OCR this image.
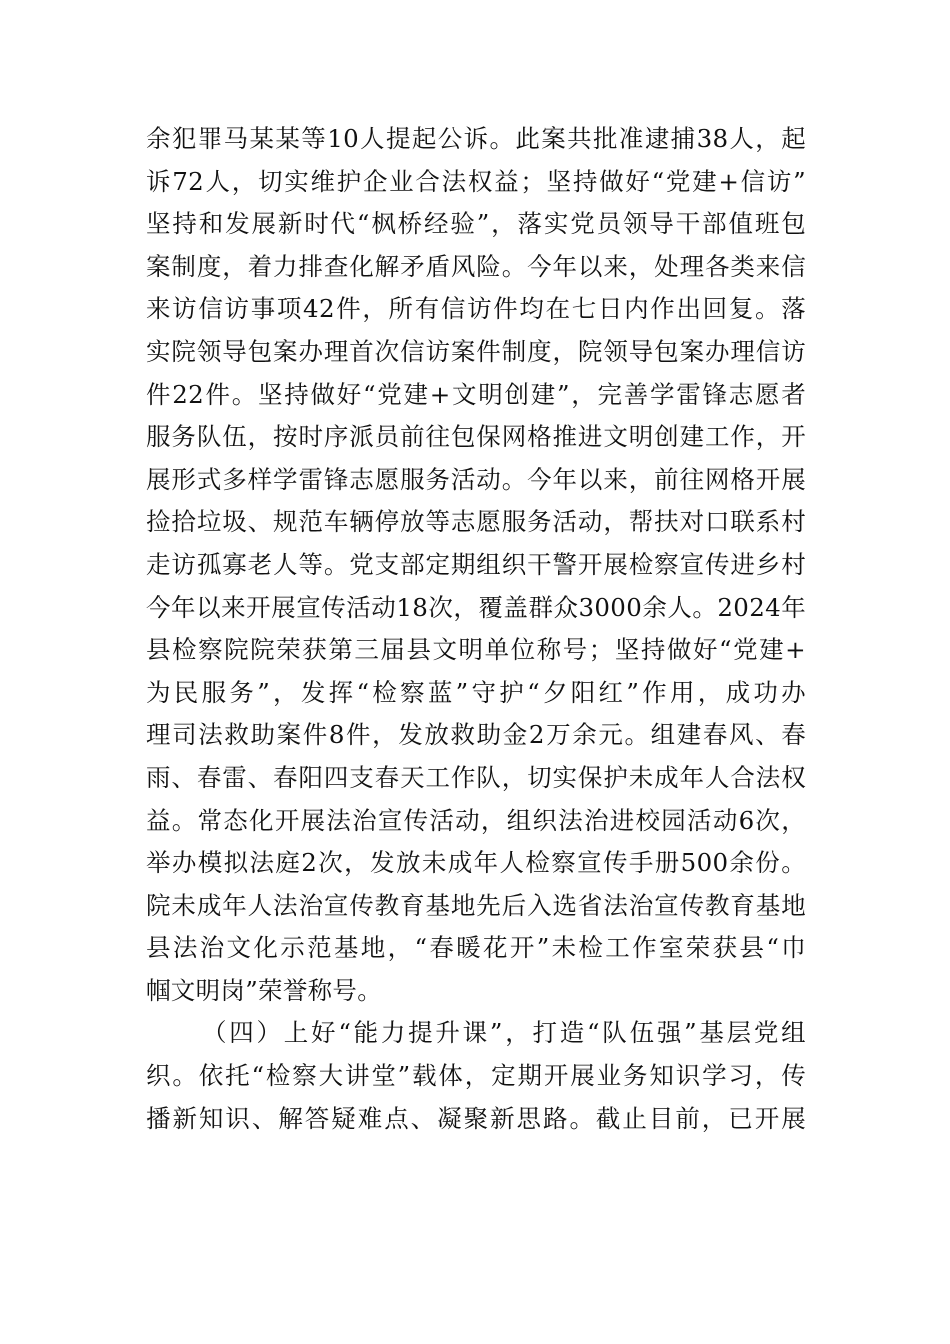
余犯罪马某某等10人提起公诉。此案共批准逮捕38人，起
诉72人，切实维护企业合法权益；坚持做好“党建+信访”
坚持和发展新时代“枫桥经验”，落实党员领导干部值班包
案制度，着力排查化解矛盾风险。今年以来，处理各类来信
来访信访事项42件，所有信访件均在七日内作出回复。落
实院领导包案办理首次信访案件制度，院领导包案办理信访
件22件。坚持做好“党建+文明创建”，完善学雷锋志愿者
服务队伍，按时序派员前往包保网格推进文明创建工作，开
展形式多样学雷锋志愿服务活动。今年以来，前往网格开展
捡拾垃圾、规范车辆停放等志愿服务活动，帮扶对口联系村
走访孤寡老人等。党支部定期组织干警开展检察宣传进乡村
今年以来开展宣传活动18次，覆盖群众3000余人。2024年
县检察院院荣获第三届县文明单位称号；坚持做好“党建+
为民服务”，发挥“检察蓝”守护“夕阳红”作用，成功办
理司法救助案件8件，发放救助金2万余元。组建春风、春
雨、春雷、春阳四支春天工作队，切实保护未成年人合法权
益。常态化开展法治宣传活动，组织法治进校园活动6次，
举办模拟法庭2次，发放未成年人检察宣传手册500余份。
院未成年人法治宣传教育基地先后入选省法治宣传教育基地
县法治文化示范基地，“春暖花开”未检工作室荣获县“巾
帼文明岗”荣誉称号。
（四）上好“能力提升课”，打造“队伍强”基层党组
织。依托“检察大讲堂”载体，定期开展业务知识学习，传
播新知识、解答疑难点、凝聚新思路。截止目前，已开展
